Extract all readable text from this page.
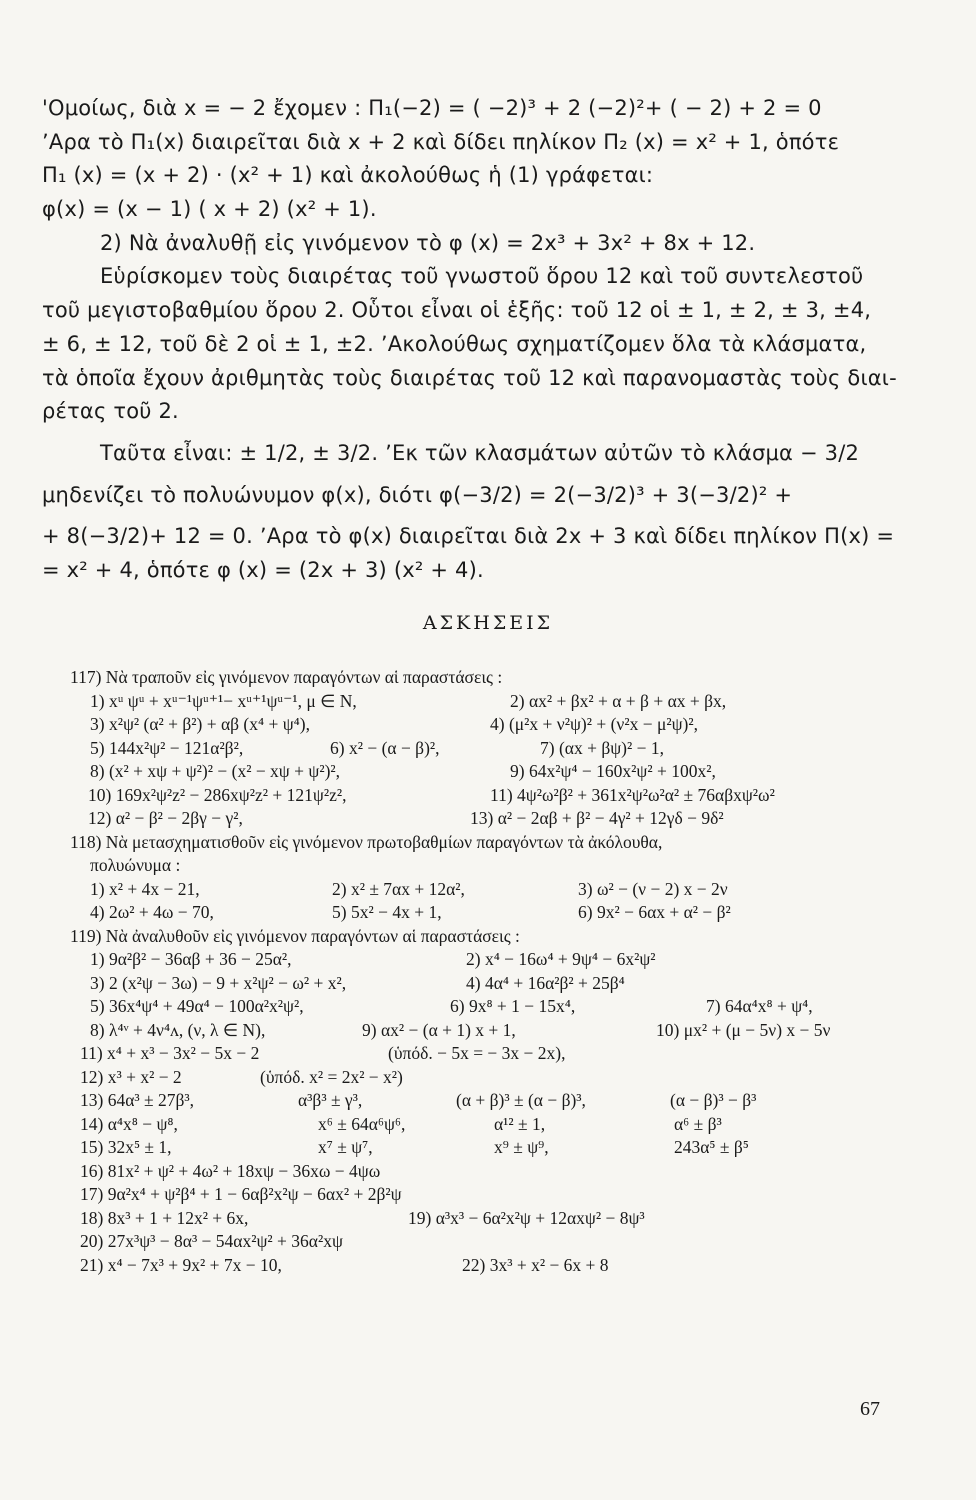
'Ομοίως, διὰ x = − 2 ἔχομεν : Π₁(−2) = ( −2)³ + 2 (−2)²+ ( − 2) + 2 = 0
ʼΑρα τὸ Π₁(x) διαιρεῖται διὰ x + 2 καὶ δίδει πηλίκον Π₂ (x) = x² + 1, ὁπότε
Π₁ (x) = (x + 2) · (x² + 1) καὶ ἀκολούθως ἡ (1) γράφεται:
φ(x) = (x − 1) ( x + 2) (x² + 1).
2) Νὰ ἀναλυθῇ εἰς γινόμενον τὸ φ (x) = 2x³ + 3x² + 8x + 12.
Εὑρίσκομεν τοὺς διαιρέτας τοῦ γνωστοῦ ὅρου 12 καὶ τοῦ συντελεστοῦ
τοῦ μεγιστοβαθμίου ὅρου 2. Οὗτοι εἶναι οἱ ἑξῆς: τοῦ 12 οἱ ± 1, ± 2, ± 3, ±4,
± 6, ± 12, τοῦ δὲ 2 οἱ ± 1, ±2. ʼΑκολούθως σχηματίζομεν ὅλα τὰ κλάσματα,
τὰ ὁποῖα ἔχουν ἀριθμητὰς τοὺς διαιρέτας τοῦ 12 καὶ παρανομαστὰς τοὺς διαι-
ρέτας τοῦ 2.
Ταῦτα εἶναι: ± 1/2, ± 3/2. ʼΕκ τῶν κλασμάτων αὐτῶν τὸ κλάσμα − 3/2
μηδενίζει τὸ πολυώνυμον φ(x), διότι φ(−3/2) = 2(−3/2)³ + 3(−3/2)² +
+ 8(−3/2)+ 12 = 0. ʼΑρα τὸ φ(x) διαιρεῖται διὰ 2x + 3 καὶ δίδει πηλίκον Π(x) =
= x² + 4, ὁπότε φ (x) = (2x + 3) (x² + 4).
ΑΣΚΗΣΕΙΣ
117) Νὰ τραποῦν εἰς γινόμενον παραγόντων αἱ παραστάσεις :
1) xᵘ ψᵘ + xᵘ⁻¹ψᵘ⁺¹− xᵘ⁺¹ψᵘ⁻¹, μ ∈ N,	2) αx² + βx² + α + β + αx + βx,
3) x²ψ² (α² + β²) + αβ (x⁴ + ψ⁴),	4) (μ²x + ν²ψ)² + (ν²x − μ²ψ)²,
5) 144x²ψ² − 121α²β²,	6) x² − (α − β)²,	7) (αx + βψ)² − 1,
8) (x² + xψ + ψ²)² − (x² − xψ + ψ²)²,	9) 64x²ψ⁴ − 160x²ψ² + 100x²,
10) 169x²ψ²z² − 286xψ²z² + 121ψ²z²,	11) 4ψ²ω²β² + 361x²ψ²ω²α² ± 76αβxψ²ω²
12) α² − β² − 2βγ − γ²,	13) α² − 2αβ + β² − 4γ² + 12γδ − 9δ²
118) Νὰ μετασχηματισθοῦν εἰς γινόμενον πρωτοβαθμίων παραγόντων τὰ ἀκόλουθα,
πολυώνυμα :
1) x² + 4x − 21,	2) x² ± 7αx + 12α²,	3) ω² − (ν − 2) x − 2ν
4) 2ω² + 4ω − 70,	5) 5x² − 4x + 1,	6) 9x² − 6αx + α² − β²
119) Νὰ ἀναλυθοῦν εἰς γινόμενον παραγόντων αἱ παραστάσεις :
1) 9α²β² − 36αβ + 36 − 25α²,	2) x⁴ − 16ω⁴ + 9ψ⁴ − 6x²ψ²
3) 2 (x²ψ − 3ω) − 9 + x²ψ² − ω² + x²,	4) 4α⁴ + 16α²β² + 25β⁴
5) 36x⁴ψ⁴ + 49α⁴ − 100α²x²ψ²,	6) 9x⁸ + 1 − 15x⁴,	7) 64α⁴x⁸ + ψ⁴,
8) λ⁴ᵛ + 4ν⁴ᴧ, (ν, λ ∈ N),	9) αx² − (α + 1) x + 1,	10) μx² + (μ − 5ν) x − 5ν
11) x⁴ + x³ − 3x² − 5x − 2	(ὑπόδ. − 5x = − 3x − 2x),
12) x³ + x² − 2	(ὑπόδ. x² = 2x² − x²)
13) 64α³ ± 27β³,	α³β³ ± γ³,	(α + β)³ ± (α − β)³,	(α − β)³ − β³
14) α⁴x⁸ − ψ⁸,	x⁶ ± 64α⁶ψ⁶,	α¹² ± 1,	α⁶ ± β³
15) 32x⁵ ± 1,	x⁷ ± ψ⁷,	x⁹ ± ψ⁹,	243α⁵ ± β⁵
16) 81x² + ψ² + 4ω² + 18xψ − 36xω − 4ψω
17) 9α²x⁴ + ψ²β⁴ + 1 − 6αβ²x²ψ − 6αx² + 2β²ψ
18) 8x³ + 1 + 12x² + 6x,	19) α³x³ − 6α²x²ψ + 12αxψ² − 8ψ³
20) 27x³ψ³ − 8α³ − 54αx²ψ² + 36α²xψ
21) x⁴ − 7x³ + 9x² + 7x − 10,	22) 3x³ + x² − 6x + 8
67
